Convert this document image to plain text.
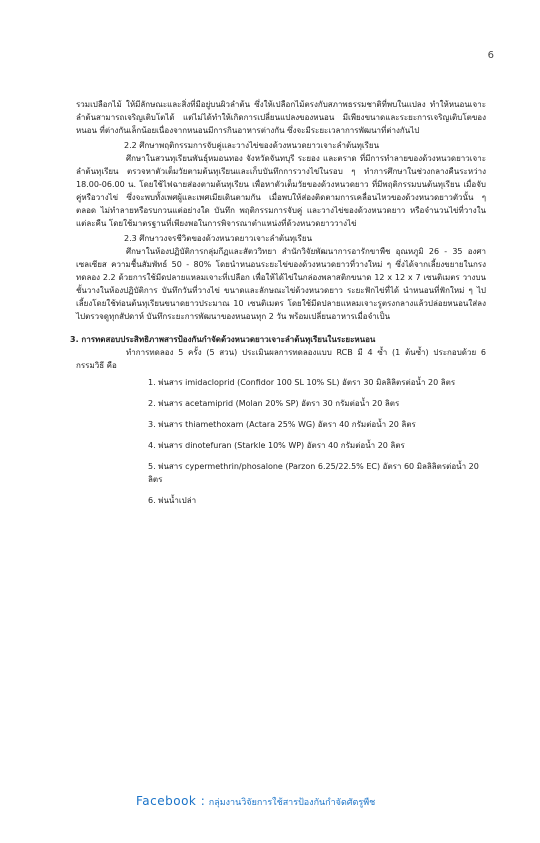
6

รวมเปลือกไม้ ให้มีลักษณะและสิ่งที่มีอยู่บนผิวลำต้น ซึ่งให้เปลือกไม้ตรงกับสภาพธรรมชาติที่พบในแปลง ทำให้หนอนเจาะลำต้นสามารถเจริญเติบโตได้ แต่ไม่ได้ทำให้เกิดการเปลี่ยนแปลงของหนอน มีเพียงขนาดและระยะการเจริญเติบโตของหนอน ที่ต่างกันเล็กน้อยเนื่องจากหนอนมีการกินอาหารต่างกัน ซึ่งจะมีระยะเวลาการพัฒนาที่ต่างกันไป

2.2 ศึกษาพฤติกรรมการจับคู่และวางไข่ของด้วงหนวดยาวเจาะลำต้นทุเรียน

ศึกษาในสวนทุเรียนพันธุ์หมอนทอง จังหวัดจันทบุรี ระยอง และตราด ที่มีการทำลายของด้วงหนวดยาวเจาะลำต้นทุเรียน ตรวจหาตัวเต็มวัยตามต้นทุเรียนและเก็บบันทึกการวางไข่ในรอบ ๆ ทำการศึกษาในช่วงกลางคืนระหว่าง 18.00-06.00 น. โดยใช้ไฟฉายส่องตามต้นทุเรียน เพื่อหาตัวเต็มวัยของด้วงหนวดยาว ที่มีพฤติกรรมบนต้นทุเรียน เมื่อจับคู่หรือวางไข่ ซึ่งจะพบทั้งเพศผู้และเพศเมียเดินตามกัน เมื่อพบให้ส่องติดตามการเคลื่อนไหวของด้วงหนวดยาวตัวนั้น ๆ ตลอด ไม่ทำลายหรือรบกวนแต่อย่างใด บันทึก พฤติกรรมการจับคู่ และวางไข่ของด้วงหนวดยาว หรือจำนวนไข่ที่วางในแต่ละคืน โดยใช้มาตรฐานที่เพียงพอในการพิจารณาตำแหน่งที่ด้วงหนวดยาววางไข่

2.3 ศึกษาวงจรชีวิตของด้วงหนวดยาวเจาะลำต้นทุเรียน

ศึกษาในห้องปฏิบัติการกลุ่มกีฏและสัตววิทยา สำนักวิจัยพัฒนาการอารักขาพืช อุณหภูมิ 26 - 35 องศาเซลเซียส ความชื้นสัมพัทธ์ 50 - 80% โดยนำหนอนระยะไข่ของด้วงหนวดยาวที่วางใหม่ ๆ ซึ่งได้จากเลี้ยงขยายในกรงทดลอง 2.2 ด้วยการใช้มีดปลายแหลมเจาะที่เปลือก เพื่อให้ได้ไข่ในกล่องพลาสติกขนาด 12 x 12 x 7 เซนติเมตร วางบนชั้นวางในห้องปฏิบัติการ บันทึกวันที่วางไข่ ขนาดและลักษณะไข่ด้วงหนวดยาว ระยะฟักไข่ที่ได้ นำหนอนที่ฟักใหม่ ๆ ไปเลี้ยงโดยใช้ท่อนต้นทุเรียนขนาดยาวประมาณ 10 เซนติเมตร โดยใช้มีดปลายแหลมเจาะรูตรงกลางแล้วปล่อยหนอนใส่ลงไปตรวจดูทุกสัปดาห์ บันทึกระยะการพัฒนาของหนอนทุก 2 วัน พร้อมเปลี่ยนอาหารเมื่อจำเป็น

3. การทดสอบประสิทธิภาพสารป้องกันกำจัดด้วงหนวดยาวเจาะลำต้นทุเรียนในระยะหนอน

ทำการทดลอง 5 ครั้ง (5 สวน) ประเมินผลการทดลองแบบ RCB มี 4 ซ้ำ (1 ต้นซ้ำ) ประกอบด้วย 6 กรรมวิธี คือ

1. พ่นสาร imidacloprid (Confidor 100 SL 10% SL) อัตรา 30 มิลลิลิตรต่อน้ำ 20 ลิตร
2. พ่นสาร acetamiprid (Molan 20% SP) อัตรา 30 กรัมต่อน้ำ 20 ลิตร
3. พ่นสาร thiamethoxam (Actara 25% WG) อัตรา 40 กรัมต่อน้ำ 20 ลิตร
4. พ่นสาร dinotefuran (Starkle 10% WP) อัตรา 40 กรัมต่อน้ำ 20 ลิตร
5. พ่นสาร cypermethrin/phosalone (Parzon 6.25/22.5% EC) อัตรา 60 มิลลิลิตรต่อน้ำ 20 ลิตร
6. พ่นน้ำเปล่า
Facebook : กลุ่มงานวิจัยการใช้สารป้องกันกำจัดศัตรูพืช
